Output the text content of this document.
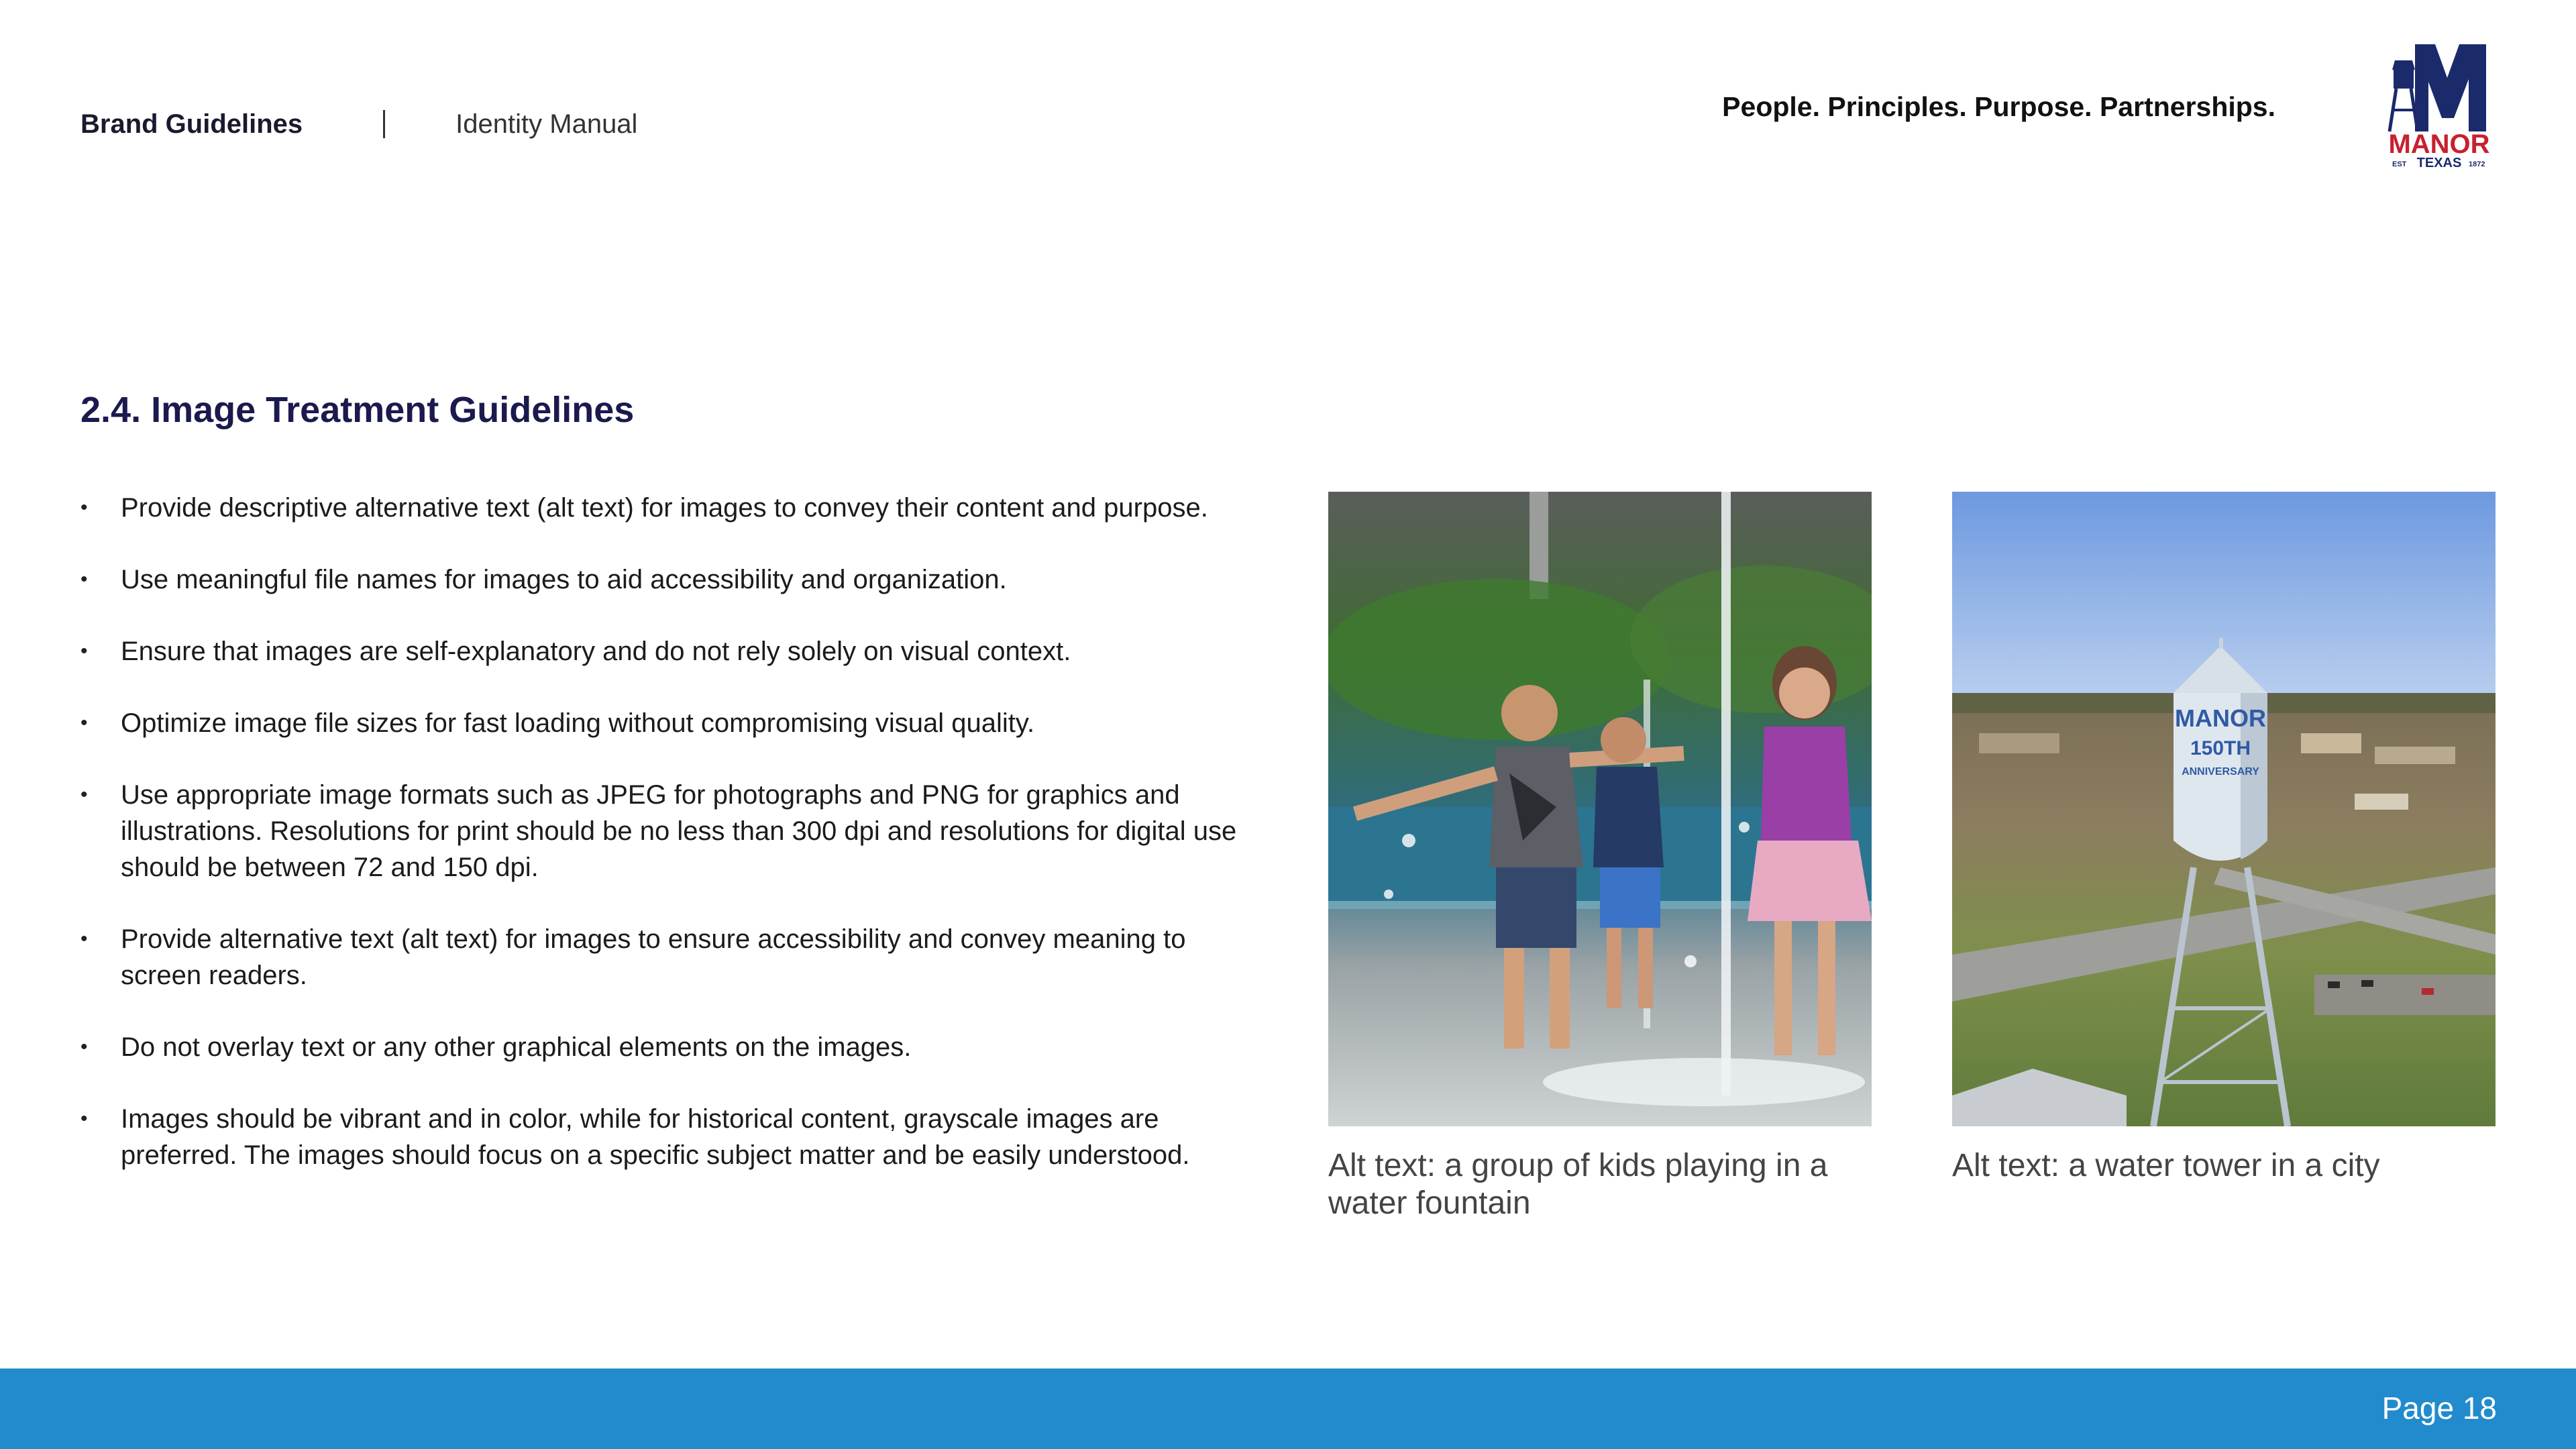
Brand Guidelines	Identity Manual
People. Principles. Purpose. Partnerships.
MANOR
EST TEXAS 1872
2.4. Image Treatment Guidelines
• Provide descriptive alternative text (alt text) for images to convey their content and purpose.
• Use meaningful file names for images to aid accessibility and organization.
• Ensure that images are self-explanatory and do not rely solely on visual context.
• Optimize image file sizes for fast loading without compromising visual quality.
• Use appropriate image formats such as JPEG for photographs and PNG for graphics and illustrations. Resolutions for print should be no less than 300 dpi and resolutions for digital use should be between 72 and 150 dpi.
• Provide alternative text (alt text) for images to ensure accessibility and convey meaning to screen readers.
• Do not overlay text or any other graphical elements on the images.
• Images should be vibrant and in color, while for historical content, grayscale images are preferred. The images should focus on a specific subject matter and be easily understood.	Alt text: a group of kids playing in a water fountain
MANOR
150TH
ANNIVERSARY
Alt text: a water tower in a city
Page 18
